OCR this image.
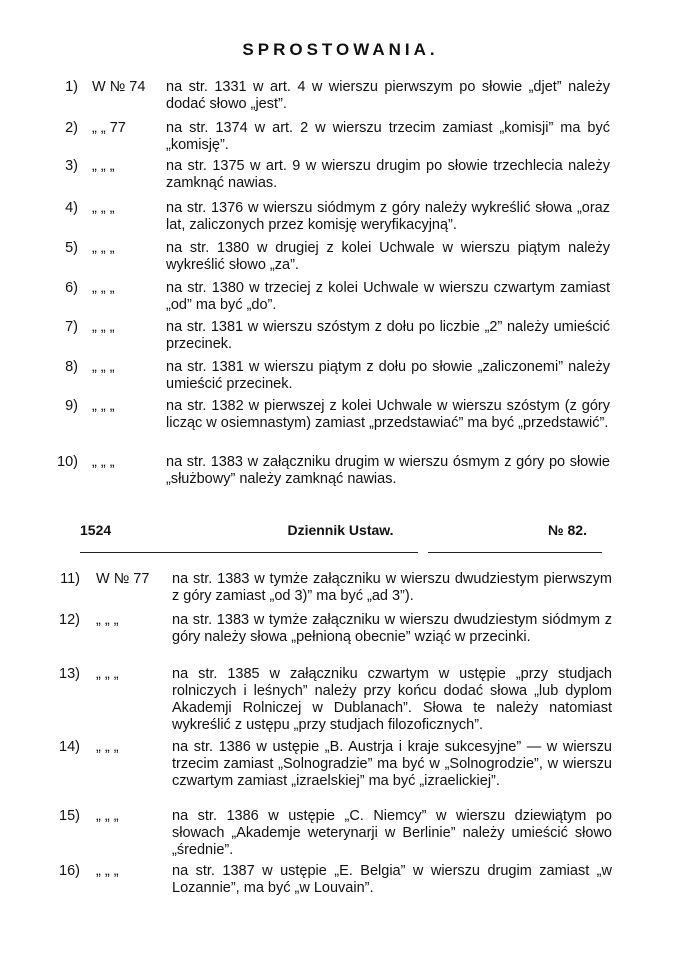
SPROSTOWANIA.
1) W № 74	na str. 1331 w art. 4 w wierszu pierwszym po słowie „djet” należy dodać słowo „jest”.
2) „ „ 77	na str. 1374 w art. 2 w wierszu trzecim zamiast „komisji” ma być „komisję”.
3) „ „ „	na str. 1375 w art. 9 w wierszu drugim po słowie trzechlecia należy zamknąć nawias.
4) „ „ „	na str. 1376 w wierszu siódmym z góry należy wykreślić słowa „oraz lat, zaliczonych przez komisję weryfikacyjną”.
5) „ „ „	na str. 1380 w drugiej z kolei Uchwale w wierszu piątym należy wykreślić słowo „za”.
6) „ „ „	na str. 1380 w trzeciej z kolei Uchwale w wierszu czwartym zamiast „od” ma być „do”.
7) „ „ „	na str. 1381 w wierszu szóstym z dołu po liczbie „2” należy umieścić przecinek.
8) „ „ „	na str. 1381 w wierszu piątym z dołu po słowie „zaliczonemi” należy umieścić przecinek.
9) „ „ „	na str. 1382 w pierwszej z kolei Uchwale w wierszu szóstym (z góry licząc w osiemnastym) zamiast „przedstawiać” ma być „przedstawić”.
10) „ „ „	na str. 1383 w załączniku drugim w wierszu ósmym z góry po słowie „służbowy” należy zamknąć nawias.
1524	Dziennik Ustaw.	№ 82.
11) W № 77	na str. 1383 w tymże załączniku w wierszu dwudziestym pierwszym z góry zamiast „od 3)” ma być „ad 3”).
12) „ „ „	na str. 1383 w tymże załączniku w wierszu dwudziestym siódmym z góry należy słowa „pełnioną obecnie” wziąć w przecinki.
13) „ „ „	na str. 1385 w załączniku czwartym w ustępie „przy studjach rolniczych i leśnych” należy przy końcu dodać słowa „lub dyplom Akademji Rolniczej w Dublanach”. Słowa te należy natomiast wykreślić z ustępu „przy studjach filozoficznych”.
14) „ „ „	na str. 1386 w ustępie „B. Austrja i kraje sukcesyjne” — w wierszu trzecim zamiast „Solnogradzie” ma być w „Solnogrodzie”, w wierszu czwartym zamiast „izraelskiej” ma być „izraelickiej”.
15) „ „ „	na str. 1386 w ustępie „C. Niemcy” w wierszu dziewiątym po słowach „Akademje weterynarji w Berlinie” należy umieścić słowo „średnie”.
16) „ „ „	na str. 1387 w ustępie „E. Belgia” w wierszu drugim zamiast „w Lozannie”, ma być „w Louvain”.
